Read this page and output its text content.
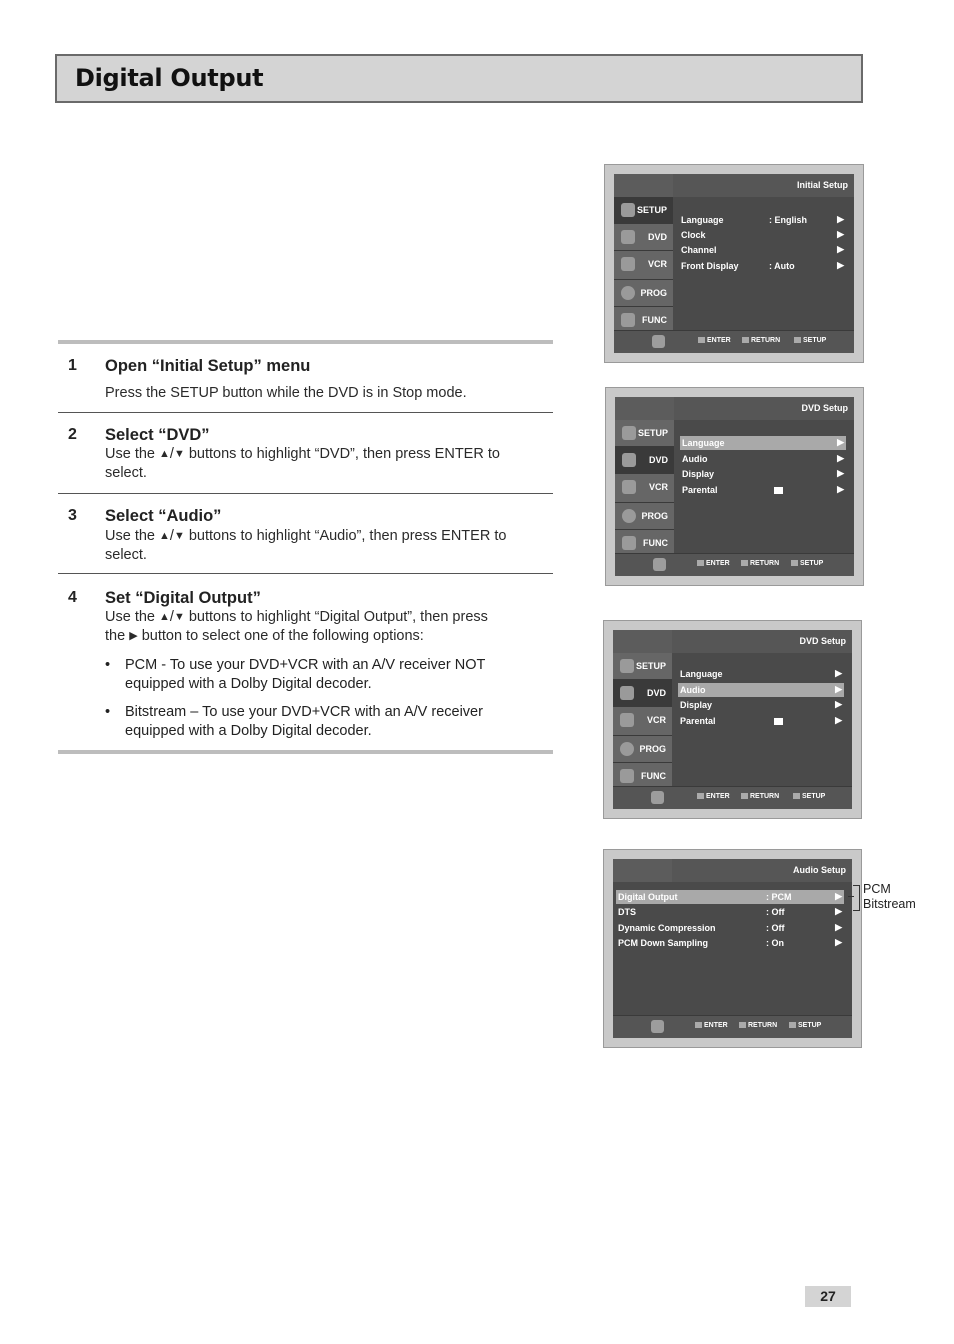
Digital Output
1 Open “Initial Setup” menu
Press the SETUP button while the DVD is in Stop mode.
2 Select “DVD”
Use the ▲/▼ buttons to highlight “DVD”, then press ENTER to select.
3 Select “Audio”
Use the ▲/▼ buttons to highlight “Audio”, then press ENTER to select.
4 Set “Digital Output”
Use the ▲/▼ buttons to highlight “Digital Output”, then press
the ▶ button to select one of the following options:
• PCM - To use your DVD+VCR with an A/V receiver NOT equipped with a Dolby Digital decoder.
• Bitstream – To use your DVD+VCR with an A/V receiver equipped with a Dolby Digital decoder.
Initial Setup
SETUP
DVD
VCR
PROG
FUNC
Language	: English	▶
Clock	▶
Channel	▶
Front Display	: Auto	▶
ENTER	RETURN	SETUP
DVD Setup
SETUP
DVD
VCR
PROG
FUNC
Language	▶
Audio	▶
Display	▶
Parental	▶
ENTER	RETURN	SETUP
DVD Setup
SETUP
DVD
VCR
PROG
FUNC
Language	▶
Audio	▶
Display	▶
Parental	▶
ENTER	RETURN	SETUP
Audio Setup
Digital Output	: PCM	▶
DTS	: Off	▶
Dynamic Compression	: Off	▶
PCM Down Sampling	: On	▶
ENTER	RETURN	SETUP
PCM
Bitstream
27
